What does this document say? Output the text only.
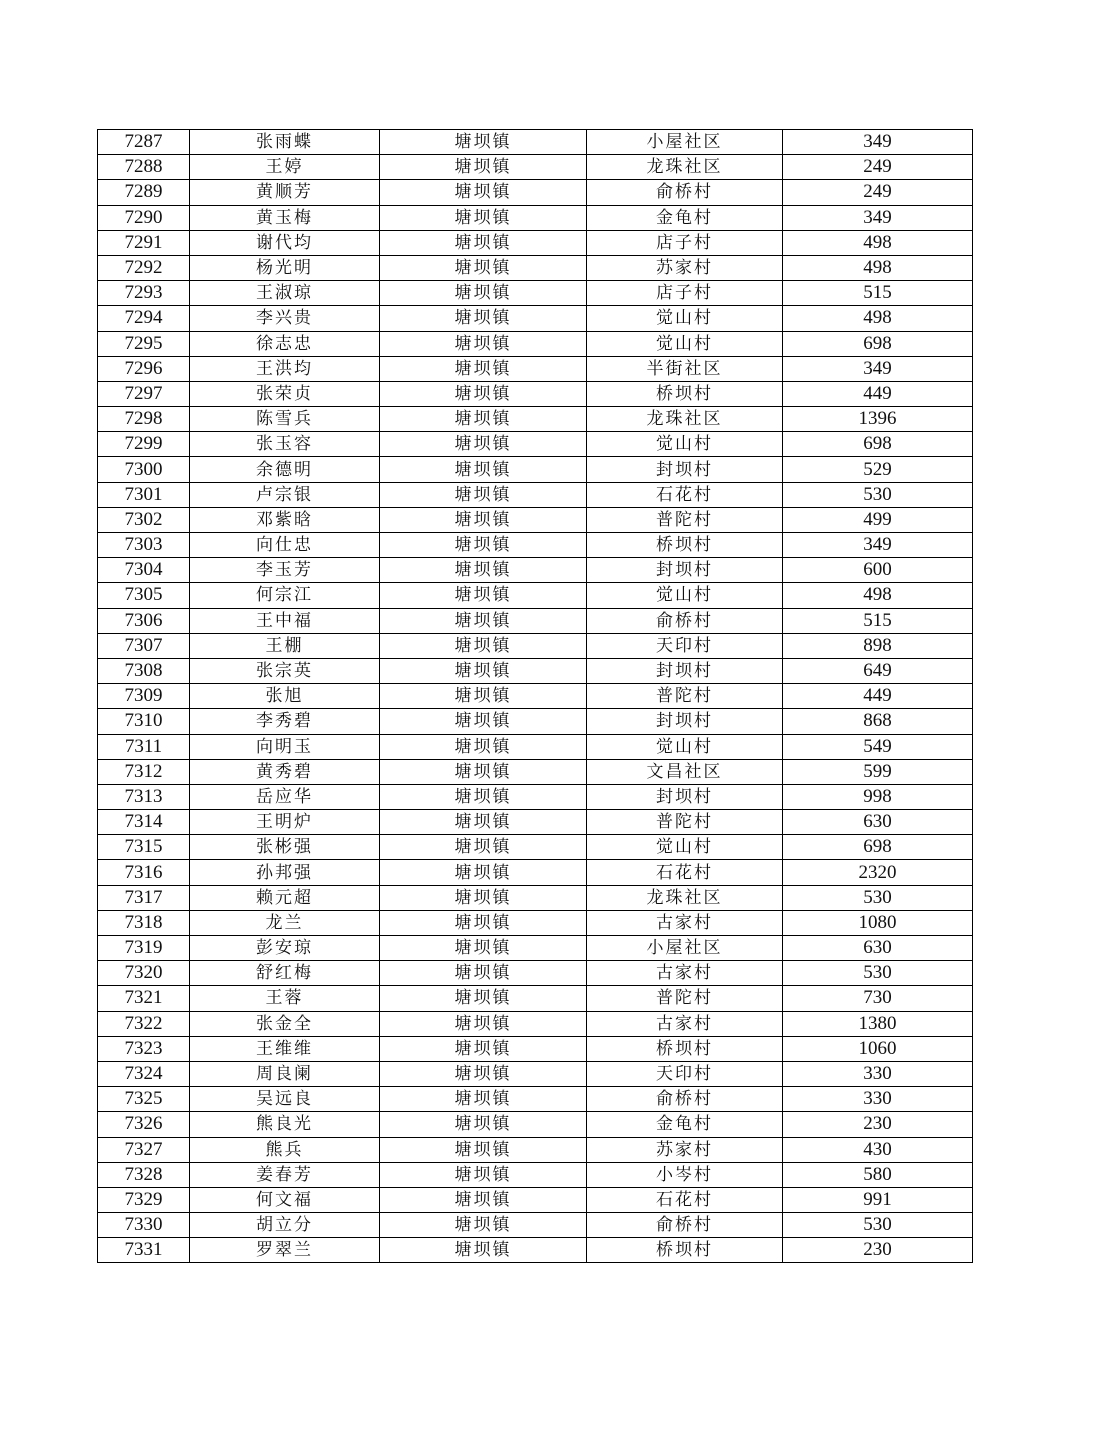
7287	张雨蝶	塘坝镇	小屋社区	349
7288	王婷	塘坝镇	龙珠社区	249
7289	黄顺芳	塘坝镇	俞桥村	249
7290	黄玉梅	塘坝镇	金龟村	349
7291	谢代均	塘坝镇	店子村	498
7292	杨光明	塘坝镇	苏家村	498
7293	王淑琼	塘坝镇	店子村	515
7294	李兴贵	塘坝镇	觉山村	498
7295	徐志忠	塘坝镇	觉山村	698
7296	王洪均	塘坝镇	半街社区	349
7297	张荣贞	塘坝镇	桥坝村	449
7298	陈雪兵	塘坝镇	龙珠社区	1396
7299	张玉容	塘坝镇	觉山村	698
7300	余德明	塘坝镇	封坝村	529
7301	卢宗银	塘坝镇	石花村	530
7302	邓紫晗	塘坝镇	普陀村	499
7303	向仕忠	塘坝镇	桥坝村	349
7304	李玉芳	塘坝镇	封坝村	600
7305	何宗江	塘坝镇	觉山村	498
7306	王中福	塘坝镇	俞桥村	515
7307	王棚	塘坝镇	天印村	898
7308	张宗英	塘坝镇	封坝村	649
7309	张旭	塘坝镇	普陀村	449
7310	李秀碧	塘坝镇	封坝村	868
7311	向明玉	塘坝镇	觉山村	549
7312	黄秀碧	塘坝镇	文昌社区	599
7313	岳应华	塘坝镇	封坝村	998
7314	王明炉	塘坝镇	普陀村	630
7315	张彬强	塘坝镇	觉山村	698
7316	孙邦强	塘坝镇	石花村	2320
7317	赖元超	塘坝镇	龙珠社区	530
7318	龙兰	塘坝镇	古家村	1080
7319	彭安琼	塘坝镇	小屋社区	630
7320	舒红梅	塘坝镇	古家村	530
7321	王蓉	塘坝镇	普陀村	730
7322	张金全	塘坝镇	古家村	1380
7323	王维维	塘坝镇	桥坝村	1060
7324	周良阑	塘坝镇	天印村	330
7325	吴远良	塘坝镇	俞桥村	330
7326	熊良光	塘坝镇	金龟村	230
7327	熊兵	塘坝镇	苏家村	430
7328	姜春芳	塘坝镇	小岑村	580
7329	何文福	塘坝镇	石花村	991
7330	胡立分	塘坝镇	俞桥村	530
7331	罗翠兰	塘坝镇	桥坝村	230
